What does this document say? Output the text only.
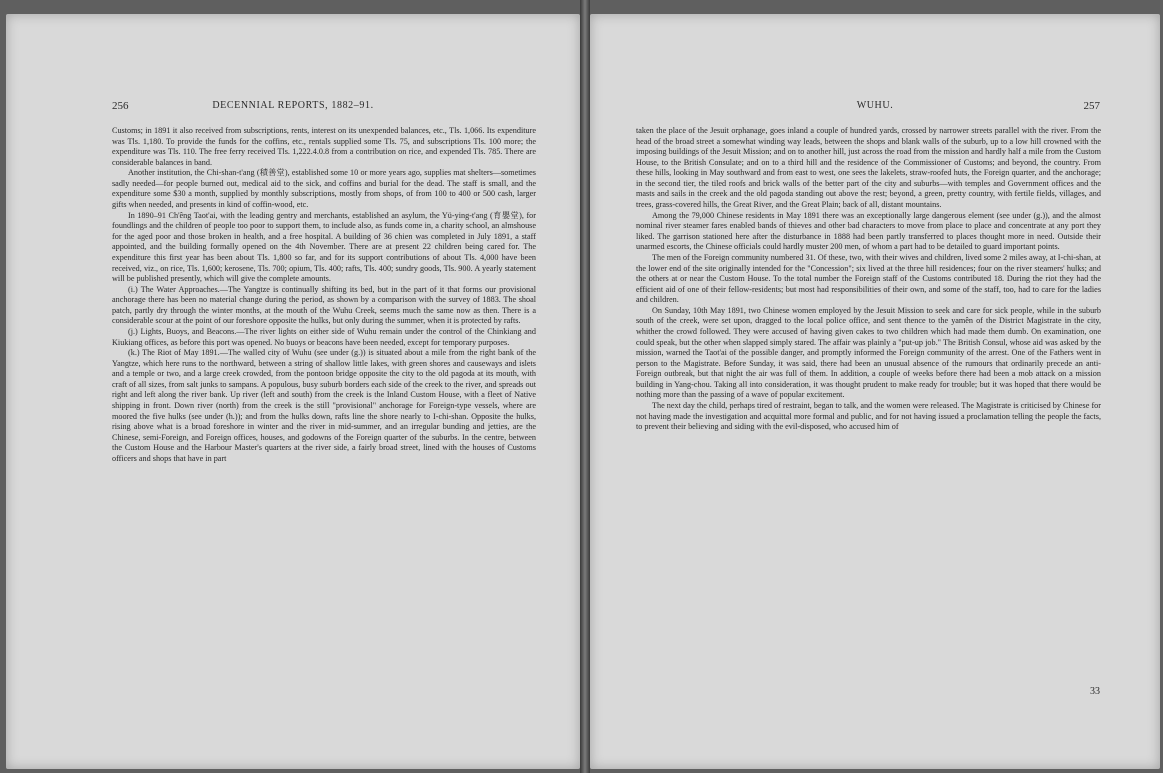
256	DECENNIAL REPORTS, 1882–91.

Customs; in 1891 it also received from subscriptions, rents, interest on its unexpended balances, etc., Tls. 1,066. Its expenditure was Tls. 1,180. To provide the funds for the coffins, etc., rentals supplied some Tls. 75, and subscriptions Tls. 100 more; the expenditure was Tls. 110. The free ferry received Tls. 1,222.4.0.8 from a contribution on rice, and expended Tls. 785. There are considerable balances in band.

Another institution, the Chi-shan-t'ang (積善堂), established some 10 or more years ago, supplies mat shelters—sometimes sadly needed—for people burned out, medical aid to the sick, and coffins and burial for the dead. The staff is small, and the expenditure some $30 a month, supplied by monthly subscriptions, mostly from shops, of from 100 to 400 or 500 cash, larger gifts when needed, and presents in kind of coffin-wood, etc.

In 1890–91 Ch'êng Taot'ai, with the leading gentry and merchants, established an asylum, the Yü-ying-t'ang (育嬰堂), for foundlings and the children of people too poor to support them, to include also, as funds come in, a charity school, an almshouse for the aged poor and those broken in health, and a free hospital. A building of 36 chien was completed in July 1891, a staff appointed, and the building formally opened on the 4th November. There are at present 22 children being cared for. The expenditure this first year has been about Tls. 1,800 so far, and for its support contributions of about Tls. 4,000 have been received, viz., on rice, Tls. 1,600; kerosene, Tls. 700; opium, Tls. 400; rafts, Tls. 400; sundry goods, Tls. 900. A yearly statement will be published presently, which will give the complete amounts.

(i.) The Water Approaches.—The Yangtze is continually shifting its bed, but in the part of it that forms our provisional anchorage there has been no material change during the period, as shown by a comparison with the survey of 1883. The shoal patch, partly dry through the winter months, at the mouth of the Wuhu Creek, seems much the same now as then. There is a considerable scour at the point of our foreshore opposite the hulks, but only during the summer, when it is protected by rafts.

(j.) Lights, Buoys, and Beacons.—The river lights on either side of Wuhu remain under the control of the Chinkiang and Kiukiang offices, as before this port was opened. No buoys or beacons have been needed, except for temporary purposes.

(k.) The Riot of May 1891.—The walled city of Wuhu (see under (g.)) is situated about a mile from the right bank of the Yangtze, which here runs to the northward, between a string of shallow little lakes, with green shores and causeways and islets and a temple or two, and a large creek crowded, from the pontoon bridge opposite the city to the old pagoda at its mouth, with craft of all sizes, from salt junks to sampans. A populous, busy suburb borders each side of the creek to the river, and spreads out right and left along the river bank. Up river (left and south) from the creek is the Inland Custom House, with a fleet of Native shipping in front. Down river (north) from the creek is the still "provisional" anchorage for Foreign-type vessels, where are moored the five hulks (see under (h.)); and from the hulks down, rafts line the shore nearly to I-chi-shan. Opposite the hulks, rising above what is a broad foreshore in winter and the river in mid-summer, and an irregular bunding and jetties, are the Chinese, semi-Foreign, and Foreign offices, houses, and godowns of the Foreign quarter of the suburbs. In the centre, between the Custom House and the Harbour Master's quarters at the river side, a fairly broad street, lined with the houses of Customs officers and shops that have in part

WUHU.	257

taken the place of the Jesuit orphanage, goes inland a couple of hundred yards, crossed by narrower streets parallel with the river. From the head of the broad street a somewhat winding way leads, between the shops and blank walls of the suburb, up to a low hill crowned with the imposing buildings of the Jesuit Mission; and on to another hill, just across the road from the mission and hardly half a mile from the Custom House, to the British Consulate; and on to a third hill and the residence of the Commissioner of Customs; and beyond, the country. From these hills, looking in May southward and from east to west, one sees the lakelets, straw-roofed huts, the Foreign quarter, and the anchorage; in the second tier, the tiled roofs and brick walls of the better part of the city and suburbs—with temples and Government offices and the masts and sails in the creek and the old pagoda standing out above the rest; beyond, a green, pretty country, with fertile fields, villages, and trees, grass-covered hills, the Great River, and the Great Plain; back of all, distant mountains.

Among the 79,000 Chinese residents in May 1891 there was an exceptionally large dangerous element (see under (g.)), and the almost nominal river steamer fares enabled bands of thieves and other bad characters to move from place to place and concentrate at any port they liked. The garrison stationed here after the disturbance in 1888 had been partly transferred to places thought more in need. Outside their unarmed escorts, the Chinese officials could hardly muster 200 men, of whom a part had to be detailed to guard important points.

The men of the Foreign community numbered 31. Of these, two, with their wives and children, lived some 2 miles away, at I-chi-shan, at the lower end of the site originally intended for the "Concession"; six lived at the three hill residences; four on the river steamers' hulks; and the others at or near the Custom House. To the total number the Foreign staff of the Customs contributed 18. During the riot they had the efficient aid of one of their fellow-residents; but most had responsibilities of their own, and some of the staff, too, had to care for the ladies and children.

On Sunday, 10th May 1891, two Chinese women employed by the Jesuit Mission to seek and care for sick people, while in the suburb south of the creek, were set upon, dragged to the local police office, and sent thence to the yamên of the District Magistrate in the city, whither the crowd followed. They were accused of having given cakes to two children which had made them dumb. On examination, one could speak, but the other when slapped simply stared. The affair was plainly a "put-up job." The British Consul, whose aid was asked by the mission, warned the Taot'ai of the possible danger, and promptly informed the Foreign community of the arrest. One of the Fathers went in person to the Magistrate. Before Sunday, it was said, there had been an unusual absence of the rumours that ordinarily precede an anti-Foreign outbreak, but that night the air was full of them. In addition, a couple of weeks before there had been a mob attack on a mission building in Yang-chou. Taking all into consideration, it was thought prudent to make ready for trouble; but it was hoped that there would be nothing more than the passing of a wave of popular excitement.

The next day the child, perhaps tired of restraint, began to talk, and the women were released. The Magistrate is criticised by Chinese for not having made the investigation and acquittal more formal and public, and for not having issued a proclamation telling the people the facts, to prevent their believing and siding with the evil-disposed, who accused him of

33
